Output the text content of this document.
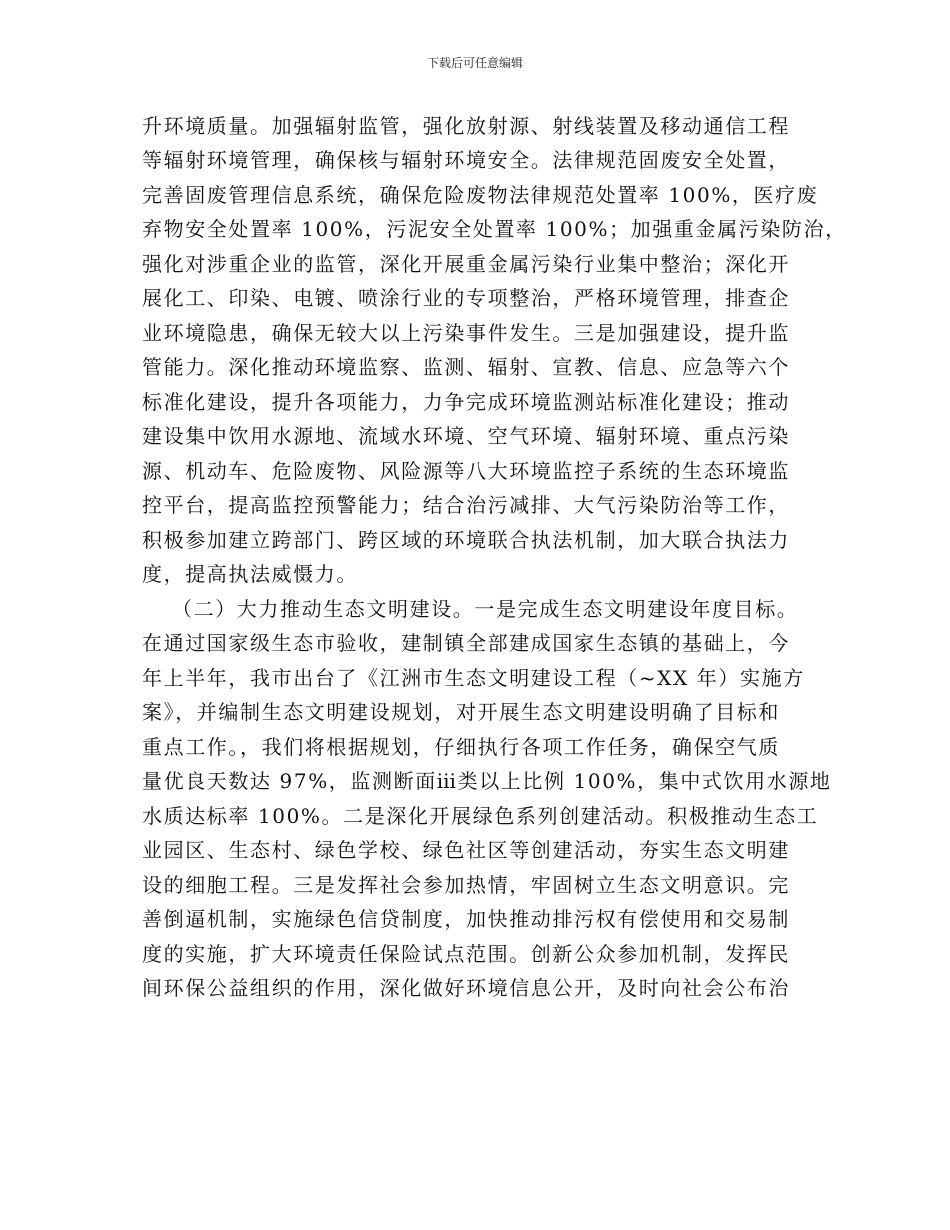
下载后可任意编辑
升环境质量。加强辐射监管，强化放射源、射线装置及移动通信工程
等辐射环境管理，确保核与辐射环境安全。法律规范固废安全处置，
完善固废管理信息系统，确保危险废物法律规范处置率 100%，医疗废
弃物安全处置率 100%，污泥安全处置率 100%；加强重金属污染防治，
强化对涉重企业的监管，深化开展重金属污染行业集中整治；深化开
展化工、印染、电镀、喷涂行业的专项整治，严格环境管理，排查企
业环境隐患，确保无较大以上污染事件发生。三是加强建设，提升监
管能力。深化推动环境监察、监测、辐射、宣教、信息、应急等六个
标准化建设，提升各项能力，力争完成环境监测站标准化建设；推动
建设集中饮用水源地、流域水环境、空气环境、辐射环境、重点污染
源、机动车、危险废物、风险源等八大环境监控子系统的生态环境监
控平台，提高监控预警能力；结合治污减排、大气污染防治等工作，
积极参加建立跨部门、跨区域的环境联合执法机制，加大联合执法力
度，提高执法威慑力。
（二）大力推动生态文明建设。一是完成生态文明建设年度目标。
在通过国家级生态市验收，建制镇全部建成国家生态镇的基础上，今
年上半年，我市出台了《江洲市生态文明建设工程（~XX 年）实施方
案》，并编制生态文明建设规划，对开展生态文明建设明确了目标和
重点工作。，我们将根据规划，仔细执行各项工作任务，确保空气质
量优良天数达 97%，监测断面ⅲ类以上比例 100%，集中式饮用水源地
水质达标率 100%。二是深化开展绿色系列创建活动。积极推动生态工
业园区、生态村、绿色学校、绿色社区等创建活动，夯实生态文明建
设的细胞工程。三是发挥社会参加热情，牢固树立生态文明意识。完
善倒逼机制，实施绿色信贷制度，加快推动排污权有偿使用和交易制
度的实施，扩大环境责任保险试点范围。创新公众参加机制，发挥民
间环保公益组织的作用，深化做好环境信息公开，及时向社会公布治
